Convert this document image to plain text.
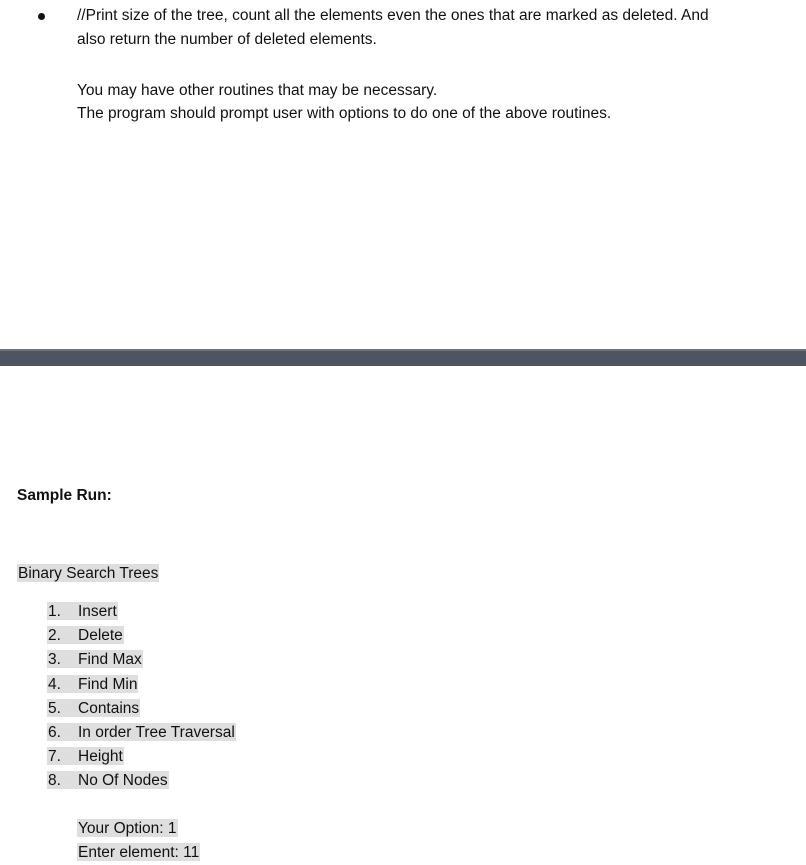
//Print size of the tree, count all the elements even the ones that are marked as deleted. And
also return the number of deleted elements.
You may have other routines that may be necessary.
The program should prompt user with options to do one of the above routines.
Sample Run:
Binary Search Trees
1. Insert
2. Delete
3. Find Max
4. Find Min
5. Contains
6. In order Tree Traversal
7. Height
8. No Of Nodes
Your Option: 1
Enter element: 11
